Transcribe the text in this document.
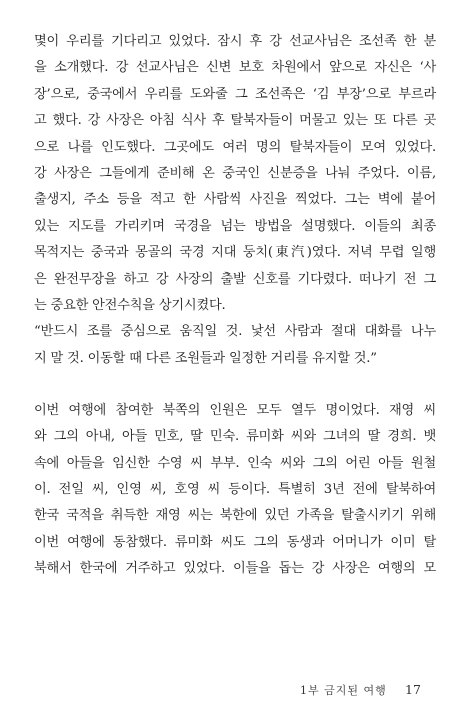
몇이 우리를 기다리고 있었다. 잠시 후 강 선교사님은 조선족 한 분
을 소개했다. 강 선교사님은 신변 보호 차원에서 앞으로 자신은 ‘사
장’으로, 중국에서 우리를 도와줄 그 조선족은 ‘김 부장’으로 부르라
고 했다. 강 사장은 아침 식사 후 탈북자들이 머물고 있는 또 다른 곳
으로 나를 인도했다. 그곳에도 여러 명의 탈북자들이 모여 있었다.
강 사장은 그들에게 준비해 온 중국인 신분증을 나눠 주었다. 이름,
출생지, 주소 등을 적고 한 사람씩 사진을 찍었다. 그는 벽에 붙어
있는 지도를 가리키며 국경을 넘는 방법을 설명했다. 이들의 최종
목적지는 중국과 몽골의 국경 지대 둥치(東汽)였다. 저녁 무렵 일행
은 완전무장을 하고 강 사장의 출발 신호를 기다렸다. 떠나기 전 그
는 중요한 안전수칙을 상기시켰다.
“반드시 조를 중심으로 움직일 것. 낯선 사람과 절대 대화를 나누
지 말 것. 이동할 때 다른 조원들과 일정한 거리를 유지할 것.”
이번 여행에 참여한 북쪽의 인원은 모두 열두 명이었다. 재영 씨
와 그의 아내, 아들 민호, 딸 민숙. 류미화 씨와 그녀의 딸 경희. 뱃
속에 아들을 임신한 수영 씨 부부. 인숙 씨와 그의 어린 아들 원철
이. 전일 씨, 인영 씨, 호영 씨 등이다. 특별히 3년 전에 탈북하여
한국 국적을 취득한 재영 씨는 북한에 있던 가족을 탈출시키기 위해
이번 여행에 동참했다. 류미화 씨도 그의 동생과 어머니가 이미 탈
북해서 한국에 거주하고 있었다. 이들을 돕는 강 사장은 여행의 모
1부 금지된 여행 17
